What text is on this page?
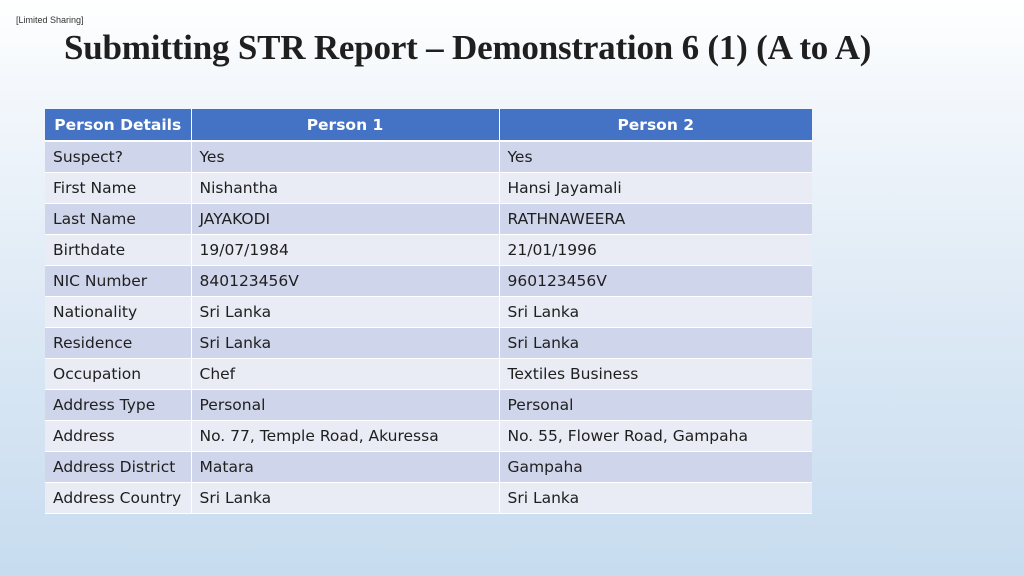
[Limited Sharing]
Submitting STR Report – Demonstration 6 (1) (A to A)
Person Details	Person 1	Person 2
Suspect?	Yes	Yes
First Name	Nishantha	Hansi Jayamali
Last Name	JAYAKODI	RATHNAWEERA
Birthdate	19/07/1984	21/01/1996
NIC Number	840123456V	960123456V
Nationality	Sri Lanka	Sri Lanka
Residence	Sri Lanka	Sri Lanka
Occupation	Chef	Textiles Business
Address Type	Personal	Personal
Address	No. 77, Temple Road, Akuressa	No. 55, Flower Road, Gampaha
Address District	Matara	Gampaha
Address Country	Sri Lanka	Sri Lanka
